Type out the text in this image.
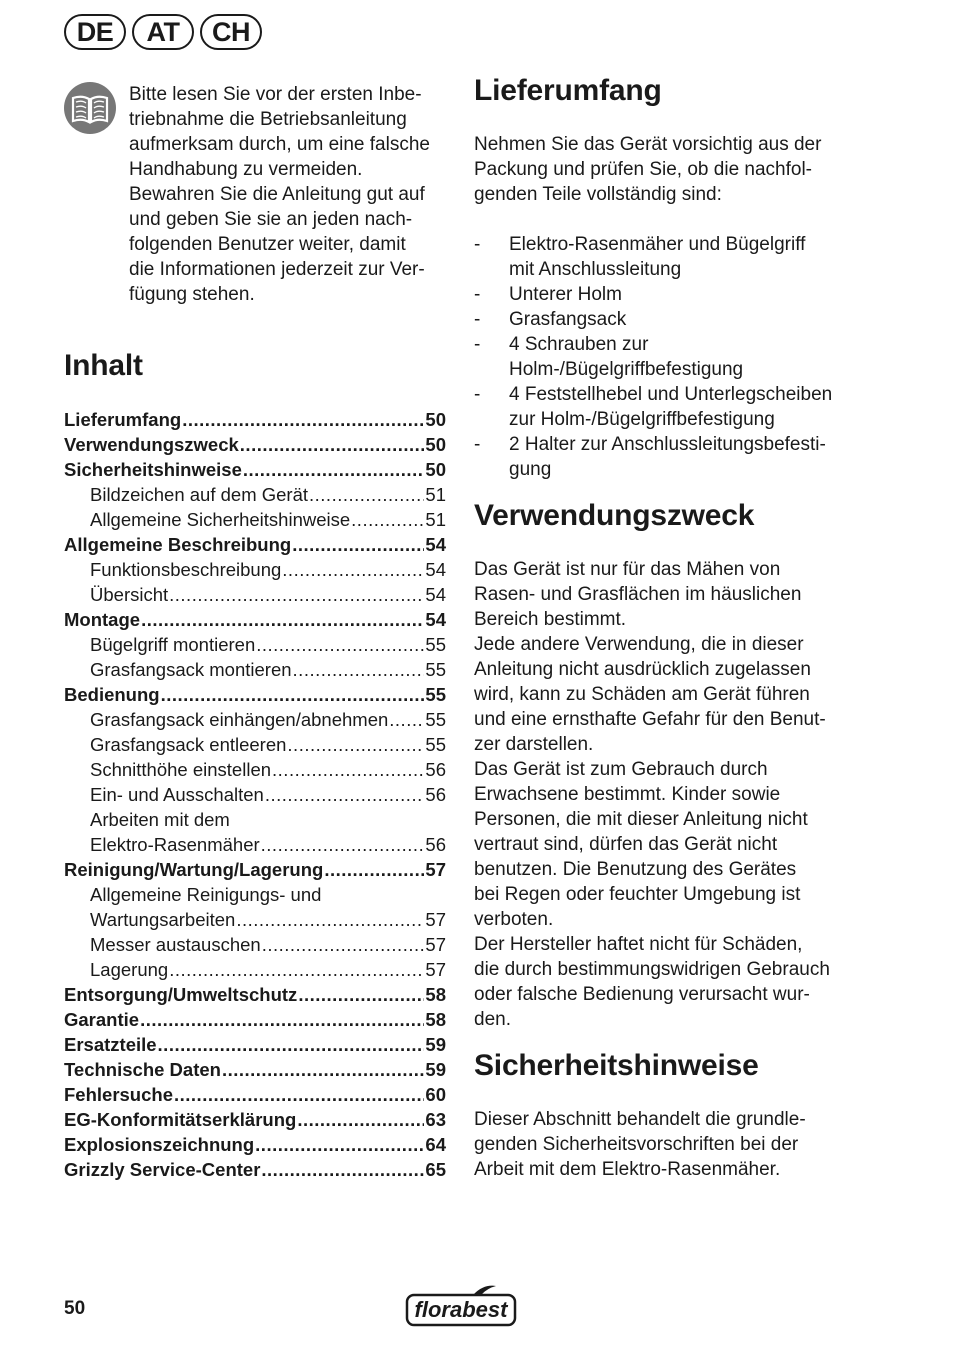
DE	AT	CH
Bitte lesen Sie vor der ersten Inbe-
triebnahme die Betriebsanleitung
aufmerksam durch, um eine falsche
Handhabung zu vermeiden.
Bewahren Sie die Anleitung gut auf
und geben Sie sie an jeden nach-
folgenden Benutzer weiter, damit
die Informationen jederzeit zur Ver-
fügung stehen.
Inhalt
Lieferumfang .....	50
Verwendungszweck .....	50
Sicherheitshinweise .....	50
Bildzeichen auf dem Gerät .....	51
Allgemeine Sicherheitshinweise .....	51
Allgemeine Beschreibung .....	54
Funktionsbeschreibung .....	54
Übersicht .....	54
Montage .....	54
Bügelgriff montieren .....	55
Grasfangsack montieren .....	55
Bedienung .....	55
Grasfangsack einhängen/abnehmen ..... 55
Grasfangsack entleeren .....	55
Schnitthöhe einstellen .....	56
Ein- und Ausschalten .....	56
Arbeiten mit dem
Elektro-Rasenmäher .....	56
Reinigung/Wartung/Lagerung .....	57
Allgemeine Reinigungs- und
Wartungsarbeiten .....	57
Messer austauschen .....	57
Lagerung .....	57
Entsorgung/Umweltschutz .....	58
Garantie .....	58
Ersatzteile .....	59
Technische Daten .....	59
Fehlersuche .....	60
EG-Konformitätserklärung .....	63
Explosionszeichnung .....	64
Grizzly Service-Center .....	65
Lieferumfang
Nehmen Sie das Gerät vorsichtig aus der
Packung und prüfen Sie, ob die nachfol-
genden Teile vollständig sind:
- Elektro-Rasenmäher und Bügelgriff
mit Anschlussleitung
- Unterer Holm
- Grasfangsack
- 4 Schrauben zur
Holm-/Bügelgriffbefestigung
- 4 Feststellhebel und Unterlegscheiben
zur Holm-/Bügelgriffbefestigung
- 2 Halter zur Anschlussleitungsbefesti-
gung
Verwendungszweck
Das Gerät ist nur für das Mähen von
Rasen- und Grasflächen im häuslichen
Bereich bestimmt.
Jede andere Verwendung, die in dieser
Anleitung nicht ausdrücklich zugelassen
wird, kann zu Schäden am Gerät führen
und eine ernsthafte Gefahr für den Benut-
zer darstellen.
Das Gerät ist zum Gebrauch durch
Erwachsene bestimmt. Kinder sowie
Personen, die mit dieser Anleitung nicht
vertraut sind, dürfen das Gerät nicht
benutzen. Die Benutzung des Gerätes
bei Regen oder feuchter Umgebung ist
verboten.
Der Hersteller haftet nicht für Schäden,
die durch bestimmungswidrigen Gebrauch
oder falsche Bedienung verursacht wur-
den.
Sicherheitshinweise
Dieser Abschnitt behandelt die grundle-
genden Sicherheitsvorschriften bei der
Arbeit mit dem Elektro-Rasenmäher.
50	florabest
